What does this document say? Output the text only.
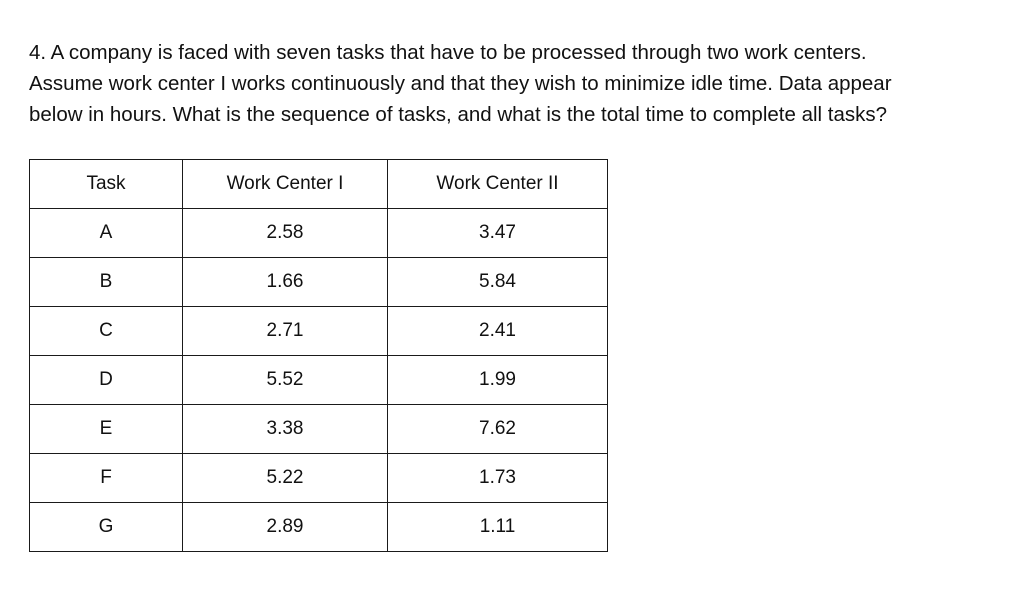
4. A company is faced with seven tasks that have to be processed through two work centers.
Assume work center I works continuously and that they wish to minimize idle time. Data appear
below in hours. What is the sequence of tasks, and what is the total time to complete all tasks?

Task	Work Center I	Work Center II
A	2.58	3.47
B	1.66	5.84
C	2.71	2.41
D	5.52	1.99
E	3.38	7.62
F	5.22	1.73
G	2.89	1.11
